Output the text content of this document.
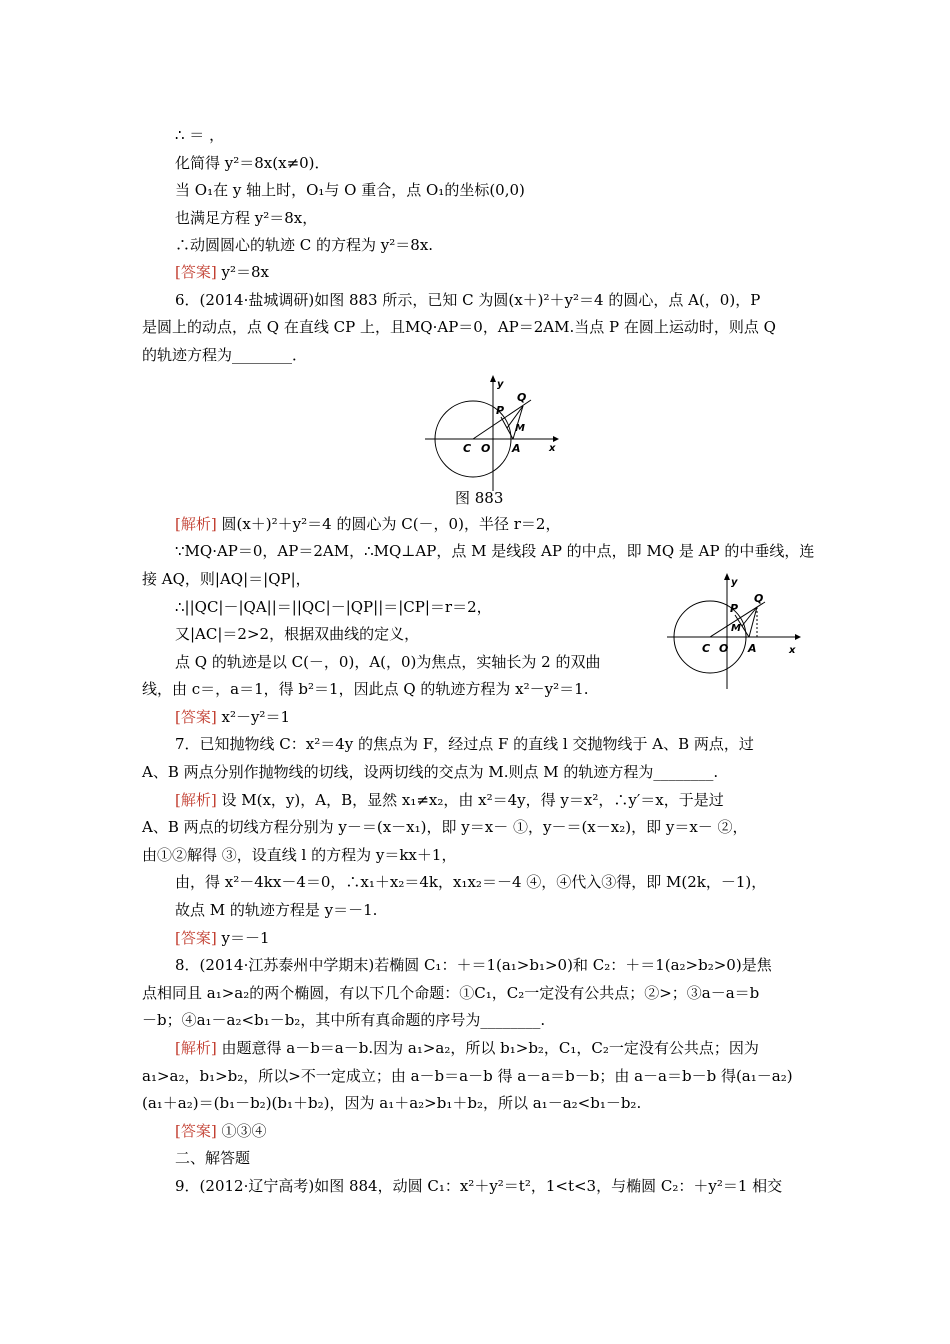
∴ ＝ ，
化简得 y²＝8x(x≠0)．
当 O₁在 y 轴上时，O₁与 O 重合，点 O₁的坐标(0,0)
也满足方程 y²＝8x，
∴动圆圆心的轨迹 C 的方程为 y²＝8x.
[答案] y²＝8x
6．(2014·盐城调研)如图 883 所示，已知 C 为圆(x＋)²＋y²＝4 的圆心，点 A(，0)，P
是圆上的动点，点 Q 在直线 CP 上，且MQ·AP＝0，AP＝2AM.当点 P 在圆上运动时，则点 Q
的轨迹方程为________．
[解析] 圆(x＋)²＋y²＝4 的圆心为 C(－，0)，半径 r＝2，
∵MQ·AP＝0，AP＝2AM，∴MQ⊥AP，点 M 是线段 AP 的中点，即 MQ 是 AP 的中垂线，连
接 AQ，则|AQ|＝|QP|，
∴||QC|－|QA||＝||QC|－|QP||＝|CP|＝r＝2，
又|AC|＝2>2，根据双曲线的定义，
点 Q 的轨迹是以 C(－，0)，A(，0)为焦点，实轴长为 2 的双曲
线，由 c＝，a＝1，得 b²＝1，因此点 Q 的轨迹方程为 x²－y²＝1.
[答案] x²－y²＝1
7．已知抛物线 C：x²＝4y 的焦点为 F，经过点 F 的直线 l 交抛物线于 A、B 两点，过
A、B 两点分别作抛物线的切线，设两切线的交点为 M.则点 M 的轨迹方程为________.
[解析] 设 M(x，y)，A，B，显然 x₁≠x₂，由 x²＝4y，得 y＝x²，∴y′＝x，于是过
A、B 两点的切线方程分别为 y－＝(x－x₁)，即 y＝x－ ①，y－＝(x－x₂)，即 y＝x－ ②，
由①②解得 ③，设直线 l 的方程为 y＝kx＋1，
由，得 x²－4kx－4＝0，∴x₁＋x₂＝4k，x₁x₂＝－4 ④，④代入③得，即 M(2k，－1)，
故点 M 的轨迹方程是 y＝－1.
[答案] y＝－1
8．(2014·江苏泰州中学期末)若椭圆 C₁：＋＝1(a₁>b₁>0)和 C₂：＋＝1(a₂>b₂>0)是焦
点相同且 a₁>a₂的两个椭圆，有以下几个命题：①C₁，C₂一定没有公共点；②>；③a－a＝b
－b；④a₁－a₂<b₁－b₂，其中所有真命题的序号为________.
[解析] 由题意得 a－b＝a－b.因为 a₁>a₂，所以 b₁>b₂，C₁，C₂一定没有公共点；因为
a₁>a₂，b₁>b₂，所以>不一定成立；由 a－b＝a－b 得 a－a＝b－b；由 a－a＝b－b 得(a₁－a₂)
(a₁＋a₂)＝(b₁－b₂)(b₁＋b₂)，因为 a₁＋a₂>b₁＋b₂，所以 a₁－a₂<b₁－b₂.
[答案] ①③④
二、解答题
9．(2012·辽宁高考)如图 884，动圆 C₁：x²＋y²＝t²，1<t<3，与椭圆 C₂：＋y²＝1 相交
y
P
Q
M
C O A	x
图 883
y
P
Q
M
C O A	x
